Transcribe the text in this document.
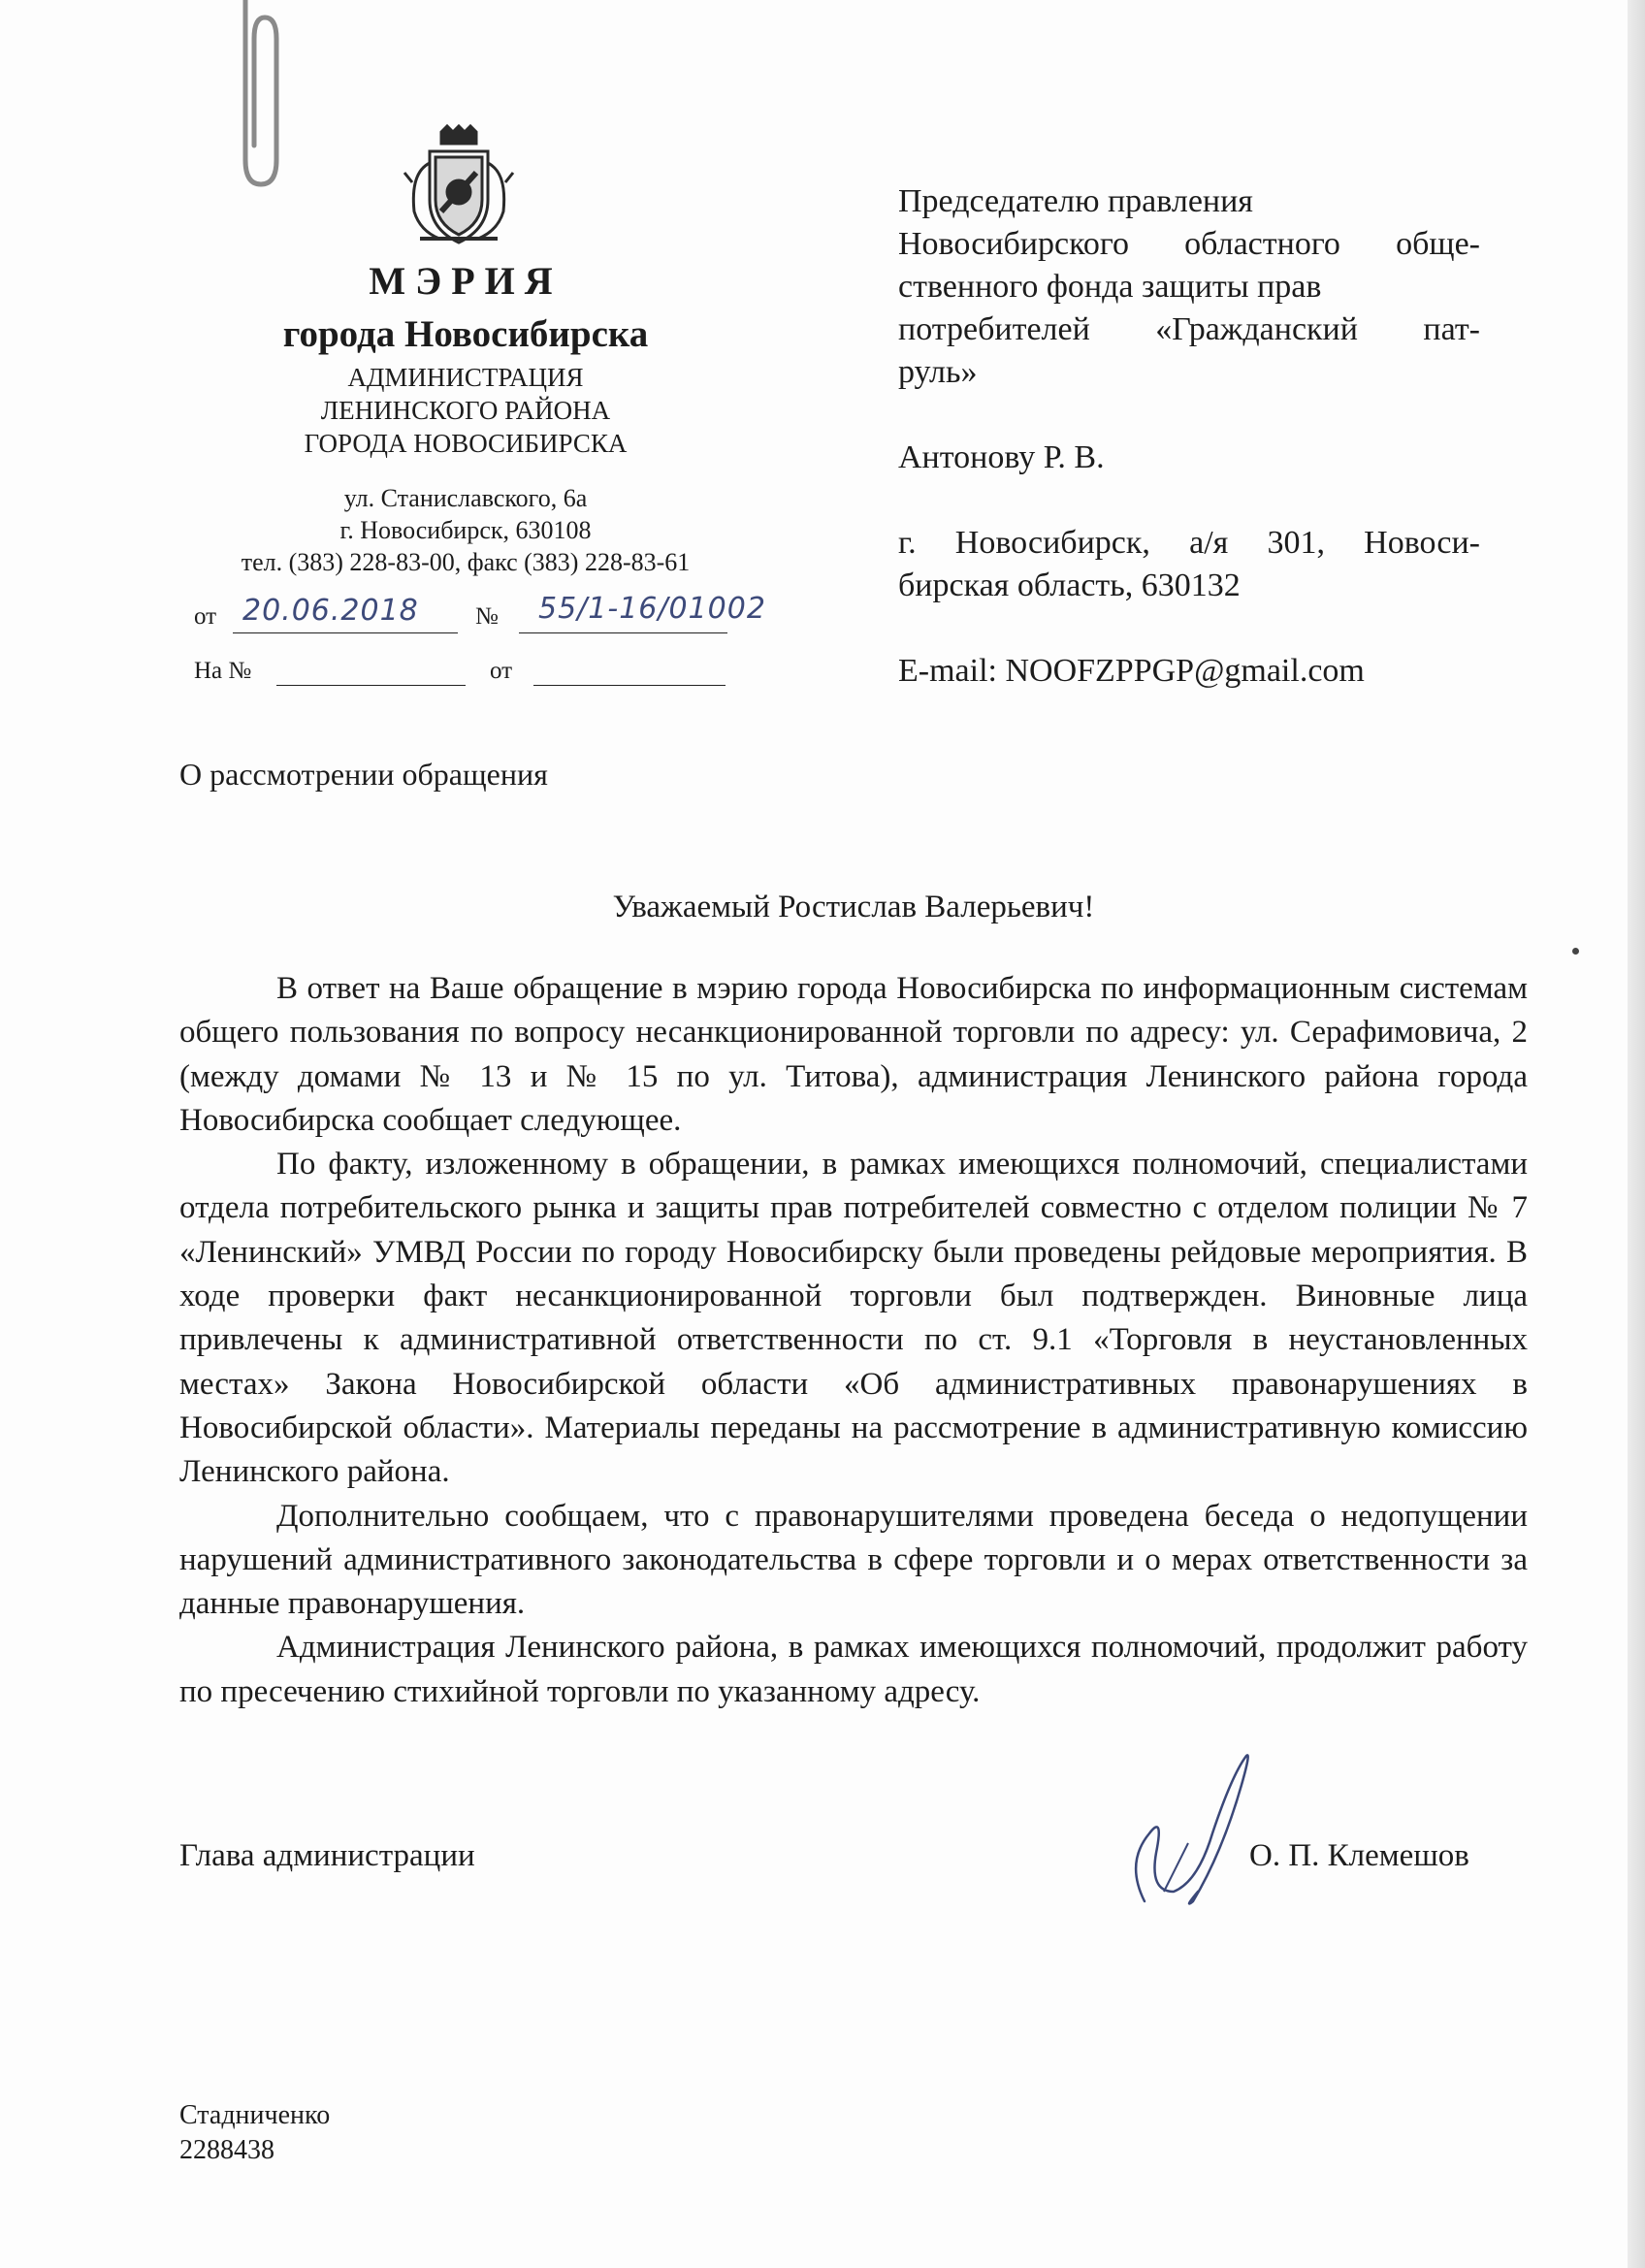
МЭРИЯ
города Новосибирска
АДМИНИСТРАЦИЯ
ЛЕНИНСКОГО РАЙОНА
ГОРОДА НОВОСИБИРСКА
ул. Станиславского, 6а
г. Новосибирск, 630108
тел. (383) 228-83-00, факс (383) 228-83-61
от 20.06.2018 № 55/1-16/01002
На №	от
Председателю правления
Новосибирского областного обще-
ственного фонда защиты прав
потребителей «Гражданский пат-
руль»
Антонову Р. В.
г. Новосибирск, а/я 301, Новоси-
бирская область, 630132
E-mail: NOOFZPPGP@gmail.com
О рассмотрении обращения
Уважаемый Ростислав Валерьевич!

В ответ на Ваше обращение в мэрию города Новосибирска по информационным системам общего пользования по вопросу несанкционированной торговли по адресу: ул. Серафимовича, 2 (между домами № 13 и № 15 по ул. Титова), администрация Ленинского района города Новосибирска сообщает следующее.

По факту, изложенному в обращении, в рамках имеющихся полномочий, специалистами отдела потребительского рынка и защиты прав потребителей совместно с отделом полиции № 7 «Ленинский» УМВД России по городу Новосибирску были проведены рейдовые мероприятия. В ходе проверки факт несанкционированной торговли был подтвержден. Виновные лица привлечены к административной ответственности по ст. 9.1 «Торговля в неустановленных местах» Закона Новосибирской области «Об административных правонарушениях в Новосибирской области». Материалы переданы на рассмотрение в административную комиссию Ленинского района.

Дополнительно сообщаем, что с правонарушителями проведена беседа о недопущении нарушений административного законодательства в сфере торговли и о мерах ответственности за данные правонарушения.

Администрация Ленинского района, в рамках имеющихся полномочий, продолжит работу по пресечению стихийной торговли по указанному адресу.

Глава администрации	О. П. Клемешов
Стадниченко
2288438
